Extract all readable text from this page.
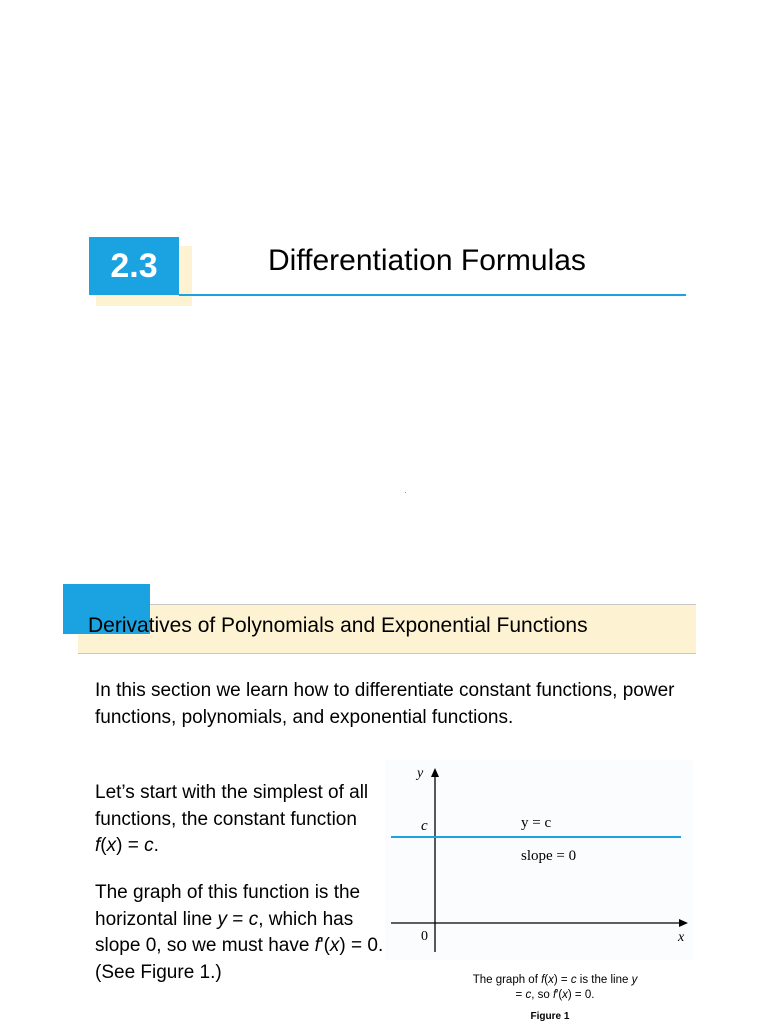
2.3	Differentiation Formulas
Derivatives of Polynomials and Exponential Functions
In this section we learn how to differentiate constant functions, power functions, polynomials, and exponential functions.
Let’s start with the simplest of all functions, the constant function f(x) = c.
The graph of this function is the horizontal line y = c, which has slope 0, so we must have f'(x) = 0.
(See Figure 1.)
y
x
0
c	y = c
slope = 0
The graph of f(x) = c is the line y = c, so f′(x) = 0.
Figure 1
